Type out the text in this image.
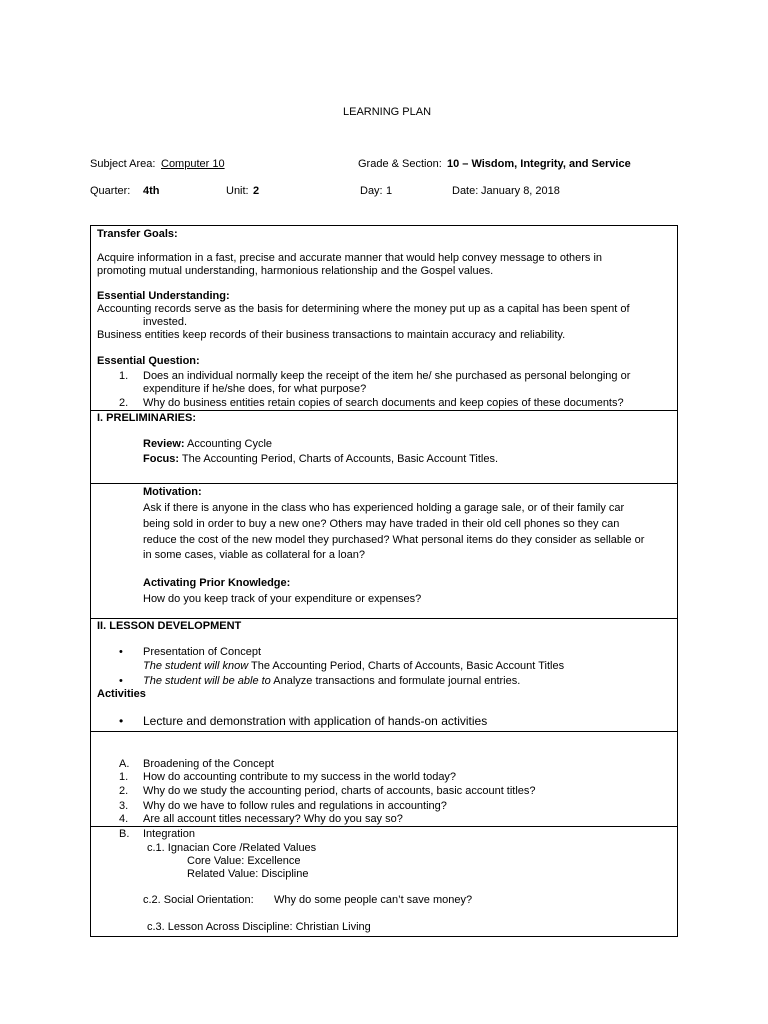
LEARNING PLAN
Subject Area: Computer 10	Grade & Section: 10 – Wisdom, Integrity, and Service
Quarter: 4th	Unit: 2	Day: 1	Date: January 8, 2018
Transfer Goals:
Acquire information in a fast, precise and accurate manner that would help convey message to others in
promoting mutual understanding, harmonious relationship and the Gospel values.
Essential Understanding:
Accounting records serve as the basis for determining where the money put up as a capital has been spent of
invested.
Business entities keep records of their business transactions to maintain accuracy and reliability.
Essential Question:
1. Does an individual normally keep the receipt of the item he/ she purchased as personal belonging or
expenditure if he/she does, for what purpose?
2. Why do business entities retain copies of search documents and keep copies of these documents?
I. PRELIMINARIES:
Review: Accounting Cycle
Focus: The Accounting Period, Charts of Accounts, Basic Account Titles.
Motivation:
Ask if there is anyone in the class who has experienced holding a garage sale, or of their family car
being sold in order to buy a new one? Others may have traded in their old cell phones so they can
reduce the cost of the new model they purchased? What personal items do they consider as sellable or
in some cases, viable as collateral for a loan?
Activating Prior Knowledge:
How do you keep track of your expenditure or expenses?
II. LESSON DEVELOPMENT
• Presentation of Concept
The student will know The Accounting Period, Charts of Accounts, Basic Account Titles
• The student will be able to Analyze transactions and formulate journal entries.
Activities
• Lecture and demonstration with application of hands-on activities
A. Broadening of the Concept
1. How do accounting contribute to my success in the world today?
2. Why do we study the accounting period, charts of accounts, basic account titles?
3. Why do we have to follow rules and regulations in accounting?
4. Are all account titles necessary? Why do you say so?
B. Integration
c.1. Ignacian Core /Related Values
Core Value: Excellence
Related Value: Discipline
c.2. Social Orientation: Why do some people can’t save money?
c.3. Lesson Across Discipline: Christian Living
